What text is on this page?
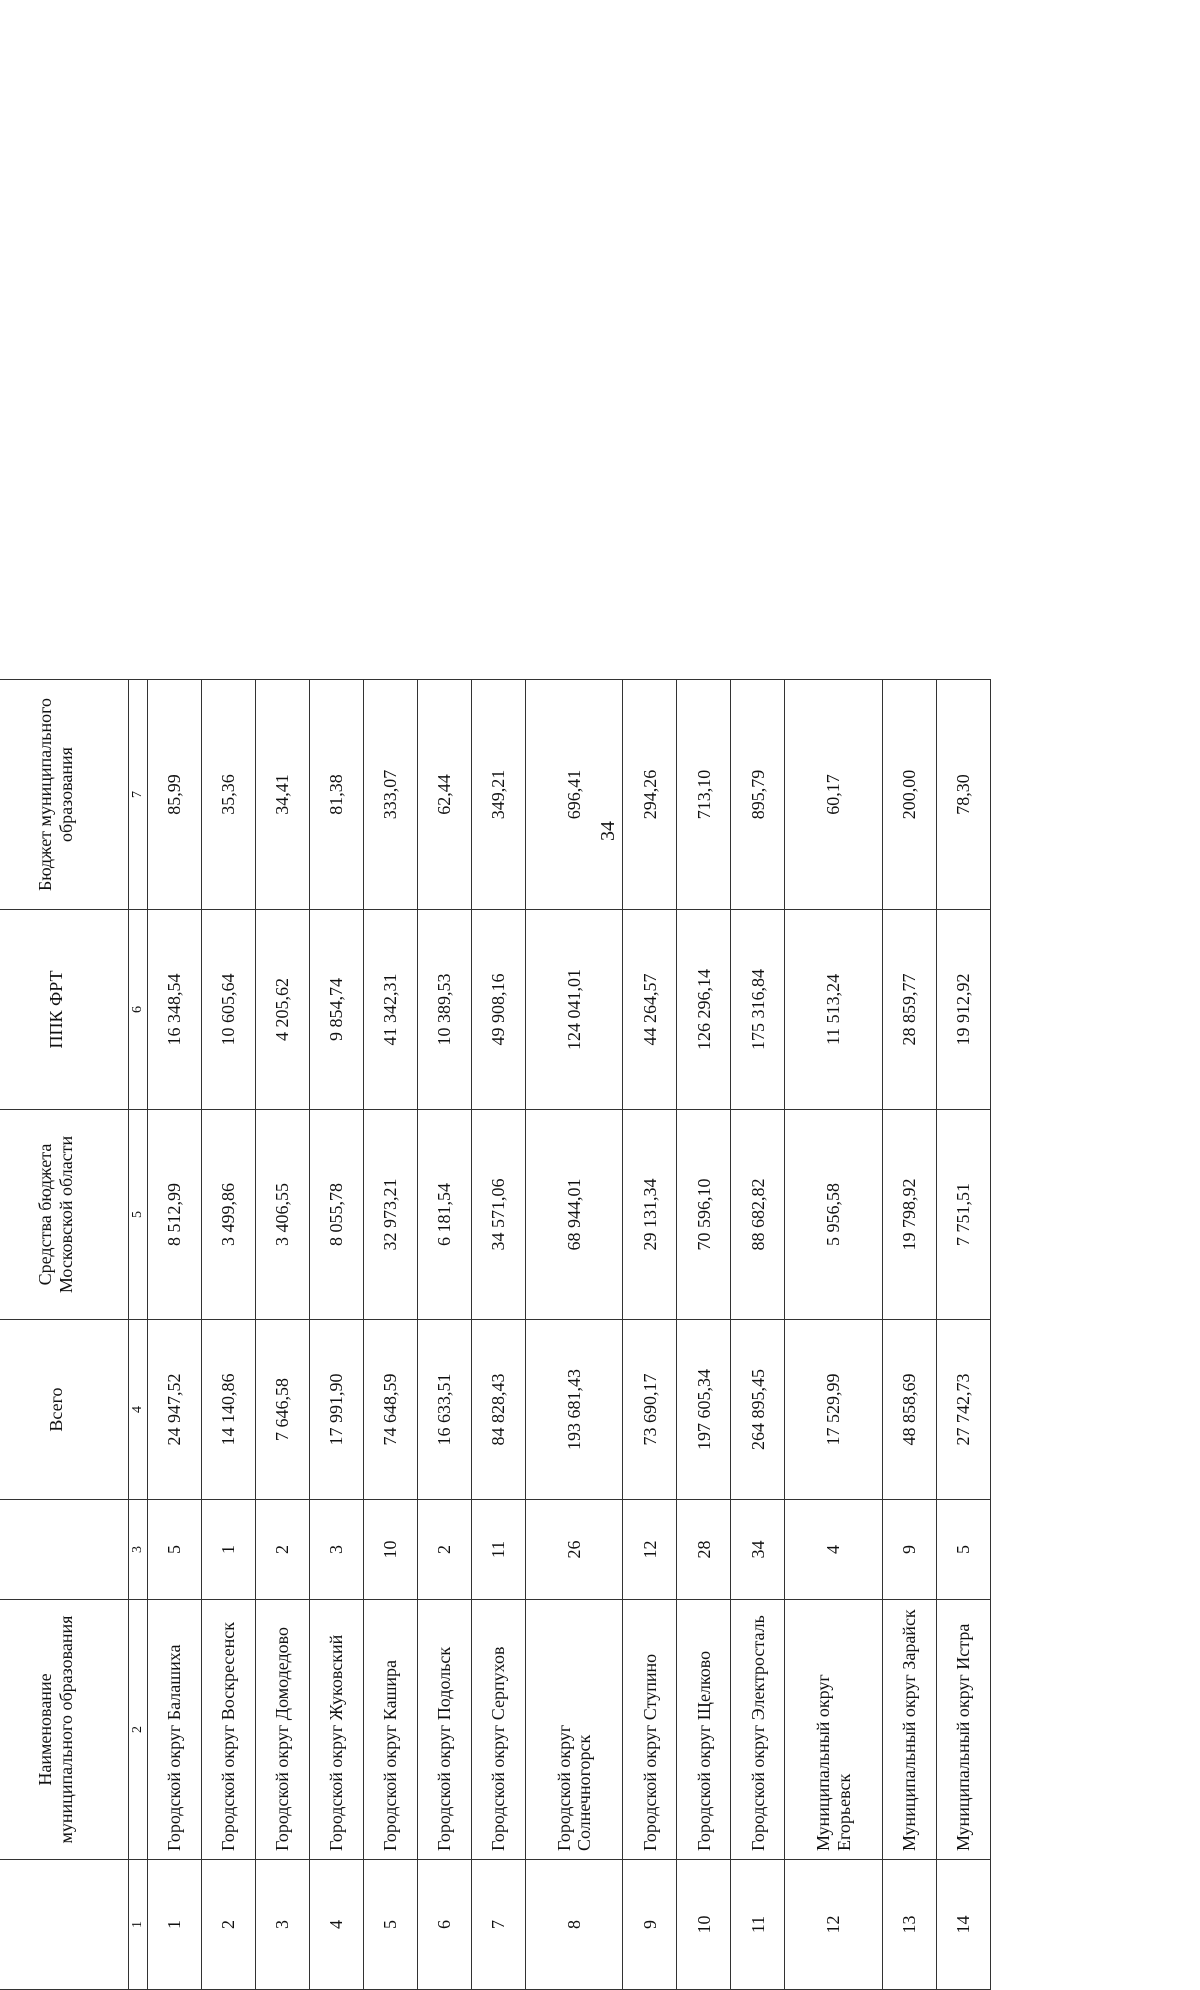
34
	Наименование муниципального образования		Всего	Средства бюджета Московской области	ППК ФРТ	Бюджет муниципального образования
1	2	3	4	5	6	7
1	Городской округ Балашиха	5	24 947,52	8 512,99	16 348,54	85,99
2	Городской округ Воскресенск	1	14 140,86	3 499,86	10 605,64	35,36
3	Городской округ Домодедово	2	7 646,58	3 406,55	4 205,62	34,41
4	Городской округ Жуковский	3	17 991,90	8 055,78	9 854,74	81,38
5	Городской округ Кашира	10	74 648,59	32 973,21	41 342,31	333,07
6	Городской округ Подольск	2	16 633,51	6 181,54	10 389,53	62,44
7	Городской округ Серпухов	11	84 828,43	34 571,06	49 908,16	349,21
8	Городской округ Солнечногорск	26	193 681,43	68 944,01	124 041,01	696,41
9	Городской округ Ступино	12	73 690,17	29 131,34	44 264,57	294,26
10	Городской округ Щелково	28	197 605,34	70 596,10	126 296,14	713,10
11	Городской округ Электросталь	34	264 895,45	88 682,82	175 316,84	895,79
12	Муниципальный округ Егорьевск	4	17 529,99	5 956,58	11 513,24	60,17
13	Муниципальный округ Зарайск	9	48 858,69	19 798,92	28 859,77	200,00
14	Муниципальный округ Истра	5	27 742,73	7 751,51	19 912,92	78,30
